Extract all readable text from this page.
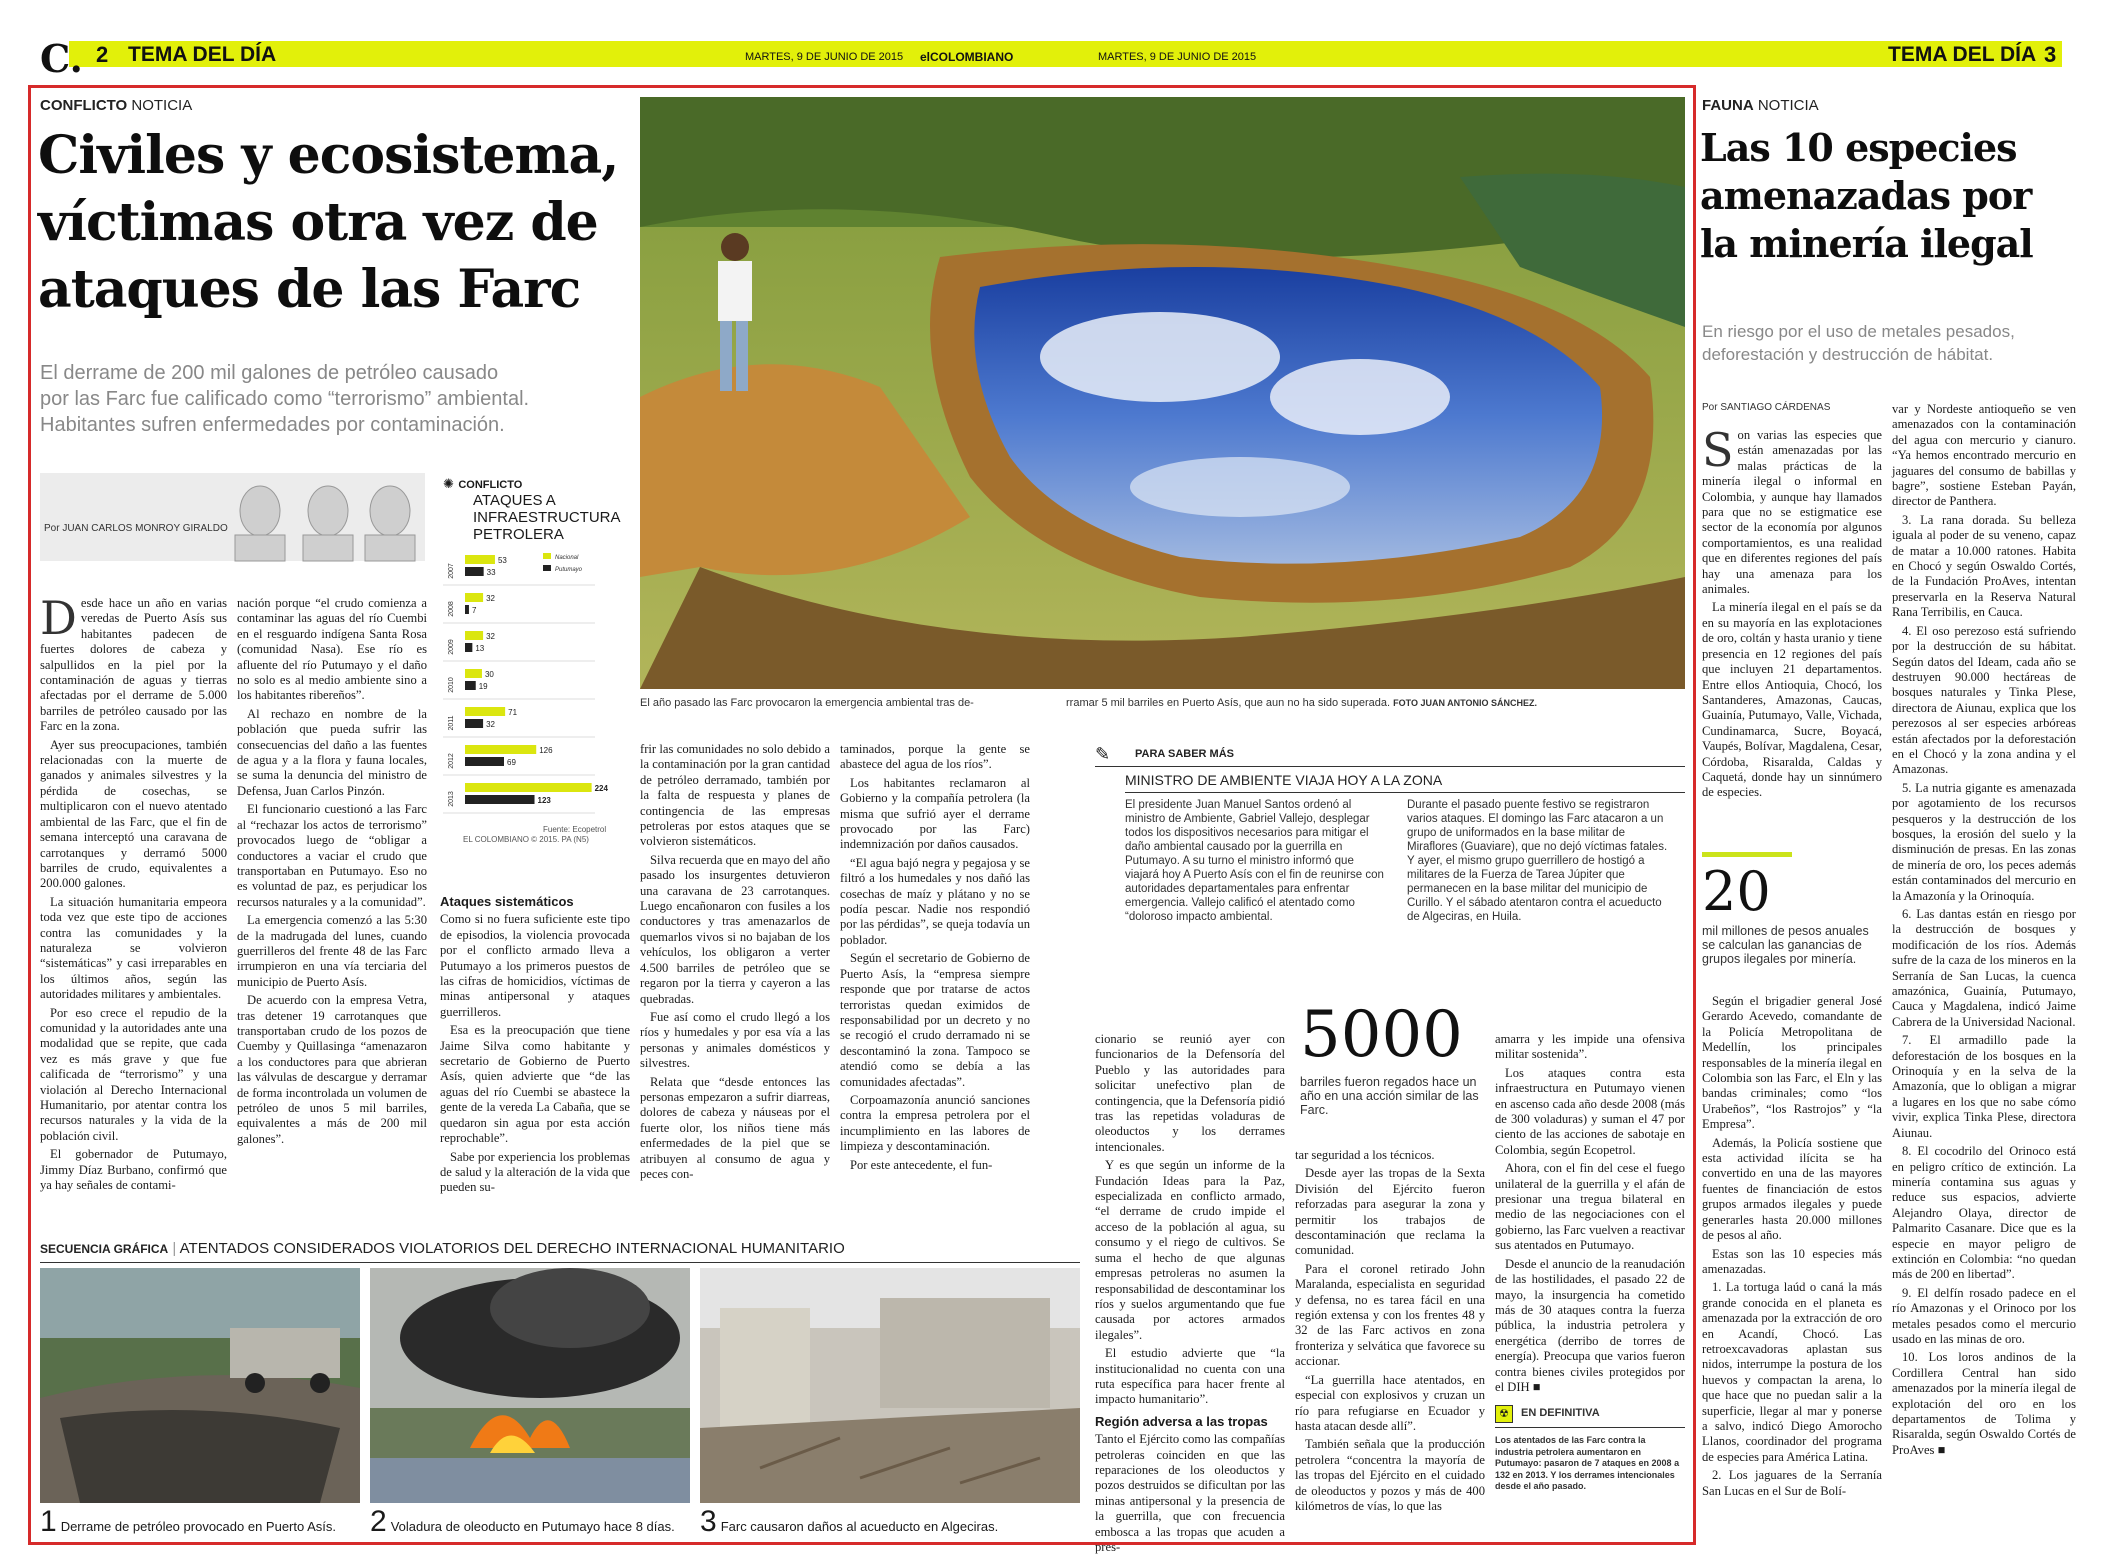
C. 2 TEMA DEL DÍA	MARTES, 9 DE JUNIO DE 2015 elCOLOMBIANO	MARTES, 9 DE JUNIO DE 2015	TEMA DEL DÍA 3
CONFLICTO NOTICIA
Civiles y ecosistema,
víctimas otra vez de
ataques de las Farc
El derrame de 200 mil galones de petróleo causado
por las Farc fue calificado como “terrorismo” ambiental.
Habitantes sufren enfermedades por contaminación.
Por JUAN CARLOS MONROY GIRALDO
✺ CONFLICTO
ATAQUES A INFRAESTRUCTURA PETROLERA
Nacional
Putumayo
2007
53
33
2008
32
7
2009
32
13
2010
30
19
2011
71
32
2012
126
69
2013
224
123
Fuente: Ecopetrol
EL COLOMBIANO © 2015. PA (N5)
El año pasado las Farc provocaron la emergencia ambiental tras de-	rramar 5 mil barriles en Puerto Asís, que aun no ha sido superada. FOTO JUAN ANTONIO SÁNCHEZ.

Desde hace un año en varias veredas de Puerto Asís sus habitantes padecen de fuertes dolores de cabeza y salpullidos en la piel por la contaminación de aguas y tierras afectadas por el derrame de 5.000 barriles de petróleo causado por las Farc en la zona.

Ayer sus preocupaciones, también relacionadas con la muerte de ganados y animales silvestres y la pérdida de cosechas, se multiplicaron con el nuevo atentado ambiental de las Farc, que el fin de semana interceptó una caravana de carrotanques y derramó 5000 barriles de crudo, equivalentes a 200.000 galones.

La situación humanitaria empeora toda vez que este tipo de acciones contra las comunidades y la naturaleza se volvieron “sistemáticas” y casi irreparables en los últimos años, según las autoridades militares y ambientales.

Por eso crece el repudio de la comunidad y la autoridades ante una modalidad que se repite, que cada vez es más grave y que fue calificada de “terrorismo” y una violación al Derecho Internacional Humanitario, por atentar contra los recursos naturales y la vida de la población civil.

El gobernador de Putumayo, Jimmy Díaz Burbano, confirmó que ya hay señales de contami-

nación porque “el crudo comienza a contaminar las aguas del río Cuembi en el resguardo indígena Santa Rosa (comunidad Nasa). Ese río es afluente del río Putumayo y el daño no solo es al medio ambiente sino a los habitantes ribereños”.

Al rechazo en nombre de la población que pueda sufrir las consecuencias del daño a las fuentes de agua y a la flora y fauna locales, se suma la denuncia del ministro de Defensa, Juan Carlos Pinzón.

El funcionario cuestionó a las Farc al “rechazar los actos de terrorismo” provocados luego de “obligar a conductores a vaciar el crudo que transportaban en Putumayo. Eso no es voluntad de paz, es perjudicar los recursos naturales y a la comunidad”.

La emergencia comenzó a las 5:30 de la madrugada del lunes, cuando guerrilleros del frente 48 de las Farc irrumpieron en una vía terciaria del municipio de Puerto Asís.

De acuerdo con la empresa Vetra, tras detener 19 carrotanques que transportaban crudo de los pozos de Cuemby y Quillasinga “amenazaron a los conductores para que abrieran las válvulas de descargue y derramar de forma incontrolada un volumen de petróleo de unos 5 mil barriles, equivalentes a más de 200 mil galones”.

Ataques sistemáticos

Como si no fuera suficiente este tipo de episodios, la violencia provocada por el conflicto armado lleva a Putumayo a los primeros puestos de las cifras de homicidios, víctimas de minas antipersonal y ataques guerrilleros.

Esa es la preocupación que tiene Jaime Silva como habitante y secretario de Gobierno de Puerto Asís, quien advierte que “de las aguas del río Cuembi se abastece la gente de la vereda La Cabaña, que se quedaron sin agua por esta acción reprochable”.

Sabe por experiencia los problemas de salud y la alteración de la vida que pueden su-

frir las comunidades no solo debido a la contaminación por la gran cantidad de petróleo derramado, también por la falta de respuesta y planes de contingencia de las empresas petroleras por estos ataques que se volvieron sistemáticos.

Silva recuerda que en mayo del año pasado los insurgentes detuvieron una caravana de 23 carrotanques. Luego encañonaron con fusiles a los conductores y tras amenazarlos de quemarlos vivos si no bajaban de los vehículos, los obligaron a verter 4.500 barriles de petróleo que se regaron por la tierra y cayeron a las quebradas.

Fue así como el crudo llegó a los ríos y humedales y por esa vía a las personas y animales domésticos y silvestres.

Relata que “desde entonces las personas empezaron a sufrir diarreas, dolores de cabeza y náuseas por el fuerte olor, los niños tiene más enfermedades de la piel que se atribuyen al consumo de agua y peces con-

taminados, porque la gente se abastece del agua de los ríos”.

Los habitantes reclamaron al Gobierno y la compañía petrolera (la misma que sufrió ayer el derrame provocado por las Farc) indemnización por daños causados.

“El agua bajó negra y pegajosa y se filtró a los humedales y nos dañó las cosechas de maíz y plátano y no se podía pescar. Nadie nos respondió por las pérdidas”, se queja todavía un poblador.

Según el secretario de Gobierno de Puerto Asís, la “empresa siempre responde que por tratarse de actos terroristas quedan eximidos de responsabilidad por un decreto y no se recogió el crudo derramado ni se descontaminó la zona. Tampoco se atendió como se debía a las comunidades afectadas”.

Corpoamazonía anunció sanciones contra la empresa petrolera por el incumplimiento en las labores de limpieza y descontaminación.

Por este antecedente, el fun-

cionario se reunió ayer con funcionarios de la Defensoría del Pueblo y las autoridades para solicitar unefectivo plan de contingencia, que la Defensoría pidió tras las repetidas voladuras de oleoductos y los derrames intencionales.

Y es que según un informe de la Fundación Ideas para la Paz, especializada en conflicto armado, “el derrame de crudo impide el acceso de la población al agua, su consumo y el riego de cultivos. Se suma el hecho de que algunas empresas petroleras no asumen la responsabilidad de descontaminar los ríos y suelos argumentando que fue causada por actores armados ilegales”.

El estudio advierte que “la institucionalidad no cuenta con una ruta específica para hacer frente al impacto humanitario”.

Región adversa a las tropas

Tanto el Ejército como las compañías petroleras coinciden en que las reparaciones de los oleoductos y pozos destruidos se dificultan por las minas antipersonal y la presencia de la guerrilla, que con frecuencia embosca a las tropas que acuden a pres-

tar seguridad a los técnicos.

Desde ayer las tropas de la Sexta División del Ejército fueron reforzadas para asegurar la zona y permitir los trabajos de descontaminación que reclama la comunidad.

Para el coronel retirado John Maralanda, especialista en seguridad y defensa, no es tarea fácil en una región extensa y con los frentes 48 y 32 de las Farc activos en zona fronteriza y selvática que favorece su accionar.

“La guerrilla hace atentados, en especial con explosivos y cruzan un río para refugiarse en Ecuador y hasta atacan desde allí”.

También señala que la producción petrolera “concentra la mayoría de las tropas del Ejército en el cuidado de oleoductos y pozos y más de 400 kilómetros de vías, lo que las

amarra y les impide una ofensiva militar sostenida”.

Los ataques contra esta infraestructura en Putumayo vienen en ascenso cada año desde 2008 (más de 300 voladuras) y suman el 47 por ciento de las acciones de sabotaje en Colombia, según Ecopetrol.

Ahora, con el fin del cese el fuego unilateral de la guerrilla y el afán de presionar una tregua bilateral en medio de las negociaciones con el gobierno, las Farc vuelven a reactivar sus atentados en Putumayo.

Desde el anuncio de la reanudación de las hostilidades, el pasado 22 de mayo, la insurgencia ha cometido más de 30 ataques contra la fuerza pública, la industria petrolera y energética (derribo de torres de energía). Preocupa que varios fueron contra bienes civiles protegidos por el DIH ■

✎ PARA SABER MÁS
MINISTRO DE AMBIENTE VIAJA HOY A LA ZONA
El presidente Juan Manuel Santos ordenó al ministro de Ambiente, Gabriel Vallejo, desplegar todos los dispositivos necesarios para mitigar el daño ambiental causado por la guerrilla en Putumayo. A su turno el ministro informó que viajará hoy A Puerto Asís con el fin de reunirse con autoridades departamentales para enfrentar emergencia. Vallejo calificó el atentado como “doloroso impacto ambiental.
Durante el pasado puente festivo se registraron varios ataques. El domingo las Farc atacaron a un grupo de uniformados en la base militar de Miraflores (Guaviare), que no dejó víctimas fatales. Y ayer, el mismo grupo guerrillero de hostigó a militares de la Fuerza de Tarea Júpiter que permanecen en la base militar del municipio de Curillo. Y el sábado atentaron contra el acueducto de Algeciras, en Huila.
5000
barriles fueron regados hace un año en una acción similar de las Farc.
☢	EN DEFINITIVA
Los atentados de las Farc contra la industria petrolera aumentaron en Putumayo: pasaron de 7 ataques en 2008 a 132 en 2013. Y los derrames intencionales desde el año pasado.
SECUENCIA GRÁFICA | ATENTADOS CONSIDERADOS VIOLATORIOS DEL DERECHO INTERNACIONAL HUMANITARIO
1 Derrame de petróleo provocado en Puerto Asís. 2 Voladura de oleoducto en Putumayo hace 8 días. 3 Farc causaron daños al acueducto en Algeciras.
FAUNA NOTICIA
Las 10 especies
amenazadas por
la minería ilegal
En riesgo por el uso de metales pesados,
deforestación y destrucción de hábitat.
Por SANTIAGO CÁRDENAS

Son varias las especies que están amenazadas por las malas prácticas de la minería ilegal o informal en Colombia, y aunque hay llamados para que no se estigmatice ese sector de la economía por algunos comportamientos, es una realidad que en diferentes regiones del país hay una amenaza para los animales.

La minería ilegal en el país se da en su mayoría en las explotaciones de oro, coltán y hasta uranio y tiene presencia en 12 regiones del país que incluyen 21 departamentos. Entre ellos Antioquia, Chocó, los Santanderes, Amazonas, Caucas, Guainía, Putumayo, Valle, Vichada, Cundinamarca, Sucre, Boyacá, Vaupés, Bolívar, Magdalena, Cesar, Córdoba, Risaralda, Caldas y Caquetá, donde hay un sinnúmero de especies.

20
mil millones de pesos anuales se calculan las ganancias de grupos ilegales por minería.

Según el brigadier general José Gerardo Acevedo, comandante de la Policía Metropolitana de Medellín, los principales responsables de la minería ilegal en Colombia son las Farc, el Eln y las bandas criminales; como “los Urabeños”, “los Rastrojos” y “la Empresa”.

Además, la Policía sostiene que esta actividad ilícita se ha convertido en una de las mayores fuentes de financiación de estos grupos armados ilegales y puede generarles hasta 20.000 millones de pesos al año.

Estas son las 10 especies más amenazadas.

1. La tortuga laúd o caná la más grande conocida en el planeta es amenazada por la extracción de oro en Acandí, Chocó. Las retroexcavadoras aplastan sus nidos, interrumpe la postura de los huevos y compactan la arena, lo que hace que no puedan salir a la superficie, llegar al mar y ponerse a salvo, indicó Diego Amorocho Llanos, coordinador del programa de especies para América Latina.

2. Los jaguares de la Serranía San Lucas en el Sur de Bolí-

var y Nordeste antioqueño se ven amenazados con la contaminación del agua con mercurio y cianuro. “Ya hemos encontrado mercurio en jaguares del consumo de babillas y bagre”, sostiene Esteban Payán, director de Panthera.

3. La rana dorada. Su belleza iguala al poder de su veneno, capaz de matar a 10.000 ratones. Habita en Chocó y según Oswaldo Cortés, de la Fundación ProAves, intentan preservarla en la Reserva Natural Rana Terribilis, en Cauca.

4. El oso perezoso está sufriendo por la destrucción de su hábitat. Según datos del Ideam, cada año se destruyen 90.000 hectáreas de bosques naturales y Tinka Plese, directora de Aiunau, explica que los perezosos al ser especies arbóreas están afectados por la deforestación en el Chocó y la zona andina y el Amazonas.

5. La nutria gigante es amenazada por agotamiento de los recursos pesqueros y la destrucción de los bosques, la erosión del suelo y la disminución de presas. En las zonas de minería de oro, los peces además están contaminados del mercurio en la Amazonía y la Orinoquía.

6. Las dantas están en riesgo por la destrucción de bosques y modificación de los ríos. Además sufre de la caza de los mineros en la Serranía de San Lucas, la cuenca amazónica, Guainía, Putumayo, Cauca y Magdalena, indicó Jaime Cabrera de la Universidad Nacional.

7. El armadillo pade la deforestación de los bosques en la Orinoquía y en la selva de la Amazonía, que lo obligan a migrar a lugares en los que no sabe cómo vivir, explica Tinka Plese, directora Aiunau.

8. El cocodrilo del Orinoco está en peligro crítico de extinción. La minería contamina sus aguas y reduce sus espacios, advierte Alejandro Olaya, director de Palmarito Casanare. Dice que es la especie en mayor peligro de extinción en Colombia: “no quedan más de 200 en libertad”.

9. El delfín rosado padece en el río Amazonas y el Orinoco por los metales pesados como el mercurio usado en las minas de oro.

10. Los loros andinos de la Cordillera Central han sido amenazados por la minería ilegal de explotación del oro en los departamentos de Tolima y Risaralda, según Oswaldo Cortés de ProAves ■
